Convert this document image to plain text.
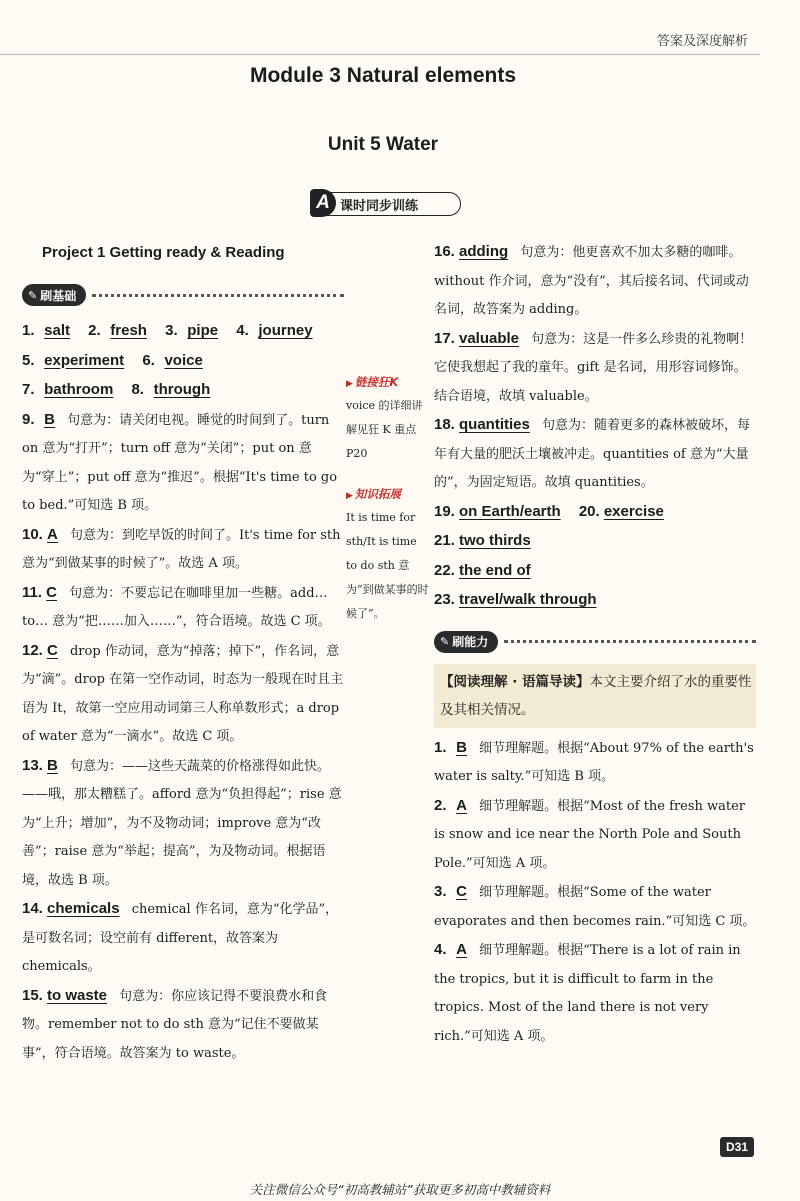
答案及深度解析
Module 3 Natural elements
Unit 5 Water
A 课时同步训练
Project 1 Getting ready & Reading
✎ 刷基础
1. salt 2. fresh 3. pipe 4. journey
5. experiment 6. voice
7. bathroom 8. through
9. B 句意为：请关闭电视。睡觉的时间到了。turn on 意为“打开”；turn off 意为“关闭”；put on 意为“穿上”；put off 意为“推迟”。根据“It's time to go to bed.”可知选 B 项。
10. A 句意为：到吃早饭的时间了。It's time for sth 意为“到做某事的时候了”。故选 A 项。
11. C 句意为：不要忘记在咖啡里加一些糖。add… to… 意为“把……加入……”，符合语境。故选 C 项。
12. C drop 作动词，意为“掉落；掉下”，作名词，意为“滴”。drop 在第一空作动词，时态为一般现在时且主语为 It，故第一空应用动词第三人称单数形式；a drop of water 意为“一滴水”。故选 C 项。
13. B 句意为：——这些天蔬菜的价格涨得如此快。——哦，那太糟糕了。afford 意为“负担得起”；rise 意为“上升；增加”，为不及物动词；improve 意为“改善”；raise 意为“举起；提高”，为及物动词。根据语境，故选 B 项。
14. chemicals chemical 作名词，意为“化学品”，是可数名词；设空前有 different，故答案为 chemicals。
15. to waste 句意为：你应该记得不要浪费水和食物。remember not to do sth 意为“记住不要做某事”，符合语境。故答案为 to waste。
▶ 链接狂K
voice 的详细讲解见狂 K 重点 P20
▶ 知识拓展
It is time for sth/It is time to do sth 意为“到做某事的时候了”。
16. adding 句意为：他更喜欢不加太多糖的咖啡。without 作介词，意为“没有”，其后接名词、代词或动名词，故答案为 adding。
17. valuable 句意为：这是一件多么珍贵的礼物啊！它使我想起了我的童年。gift 是名词，用形容词修饰。结合语境，故填 valuable。
18. quantities 句意为：随着更多的森林被破坏，每年有大量的肥沃土壤被冲走。quantities of 意为“大量的”，为固定短语。故填 quantities。
19. on Earth/earth 20. exercise
21. two thirds
22. the end of
23. travel/walk through
✎ 刷能力
【阅读理解 · 语篇导读】本文主要介绍了水的重要性及其相关情况。
1. B 细节理解题。根据“About 97% of the earth's water is salty.”可知选 B 项。
2. A 细节理解题。根据“Most of the fresh water is snow and ice near the North Pole and South Pole.”可知选 A 项。
3. C 细节理解题。根据“Some of the water evaporates and then becomes rain.”可知选 C 项。
4. A 细节理解题。根据“There is a lot of rain in the tropics, but it is difficult to farm in the tropics. Most of the land there is not very rich.”可知选 A 项。
D31
关注微信公众号“初高教辅站”获取更多初高中教辅资料
